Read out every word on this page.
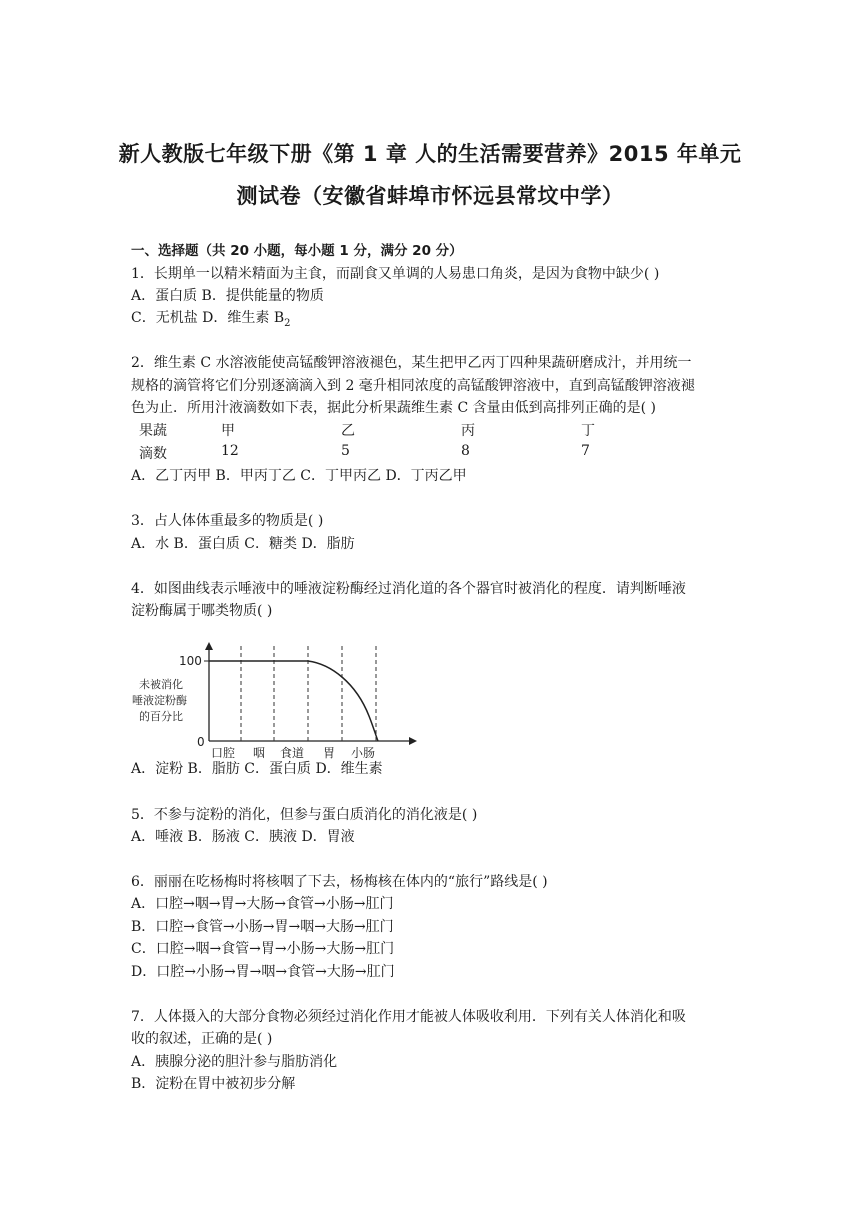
新人教版七年级下册《第 1 章 人的生活需要营养》2015 年单元
测试卷（安徽省蚌埠市怀远县常坟中学）
一、选择题（共 20 小题，每小题 1 分，满分 20 分）
1．长期单一以精米精面为主食，而副食又单调的人易患口角炎，是因为食物中缺少( )
A．蛋白质 B．提供能量的物质
C．无机盐 D．维生素 $B_2$
2．维生素 C 水溶液能使高锰酸钾溶液褪色，某生把甲乙丙丁四种果蔬研磨成汁，并用统一
规格的滴管将它们分别逐滴滴入到 2 毫升相同浓度的高锰酸钾溶液中，直到高锰酸钾溶液褪
色为止．所用汁液滴数如下表，据此分析果蔬维生素 C 含量由低到高排列正确的是( )
果蔬	甲	乙	丙	丁
滴数	12	5	8	7
A．乙丁丙甲 B．甲丙丁乙 C．丁甲丙乙 D．丁丙乙甲
3．占人体体重最多的物质是( )
A．水 B．蛋白质 C．糖类 D．脂肪
4．如图曲线表示唾液中的唾液淀粉酶经过消化道的各个器官时被消化的程度．请判断唾液
淀粉酶属于哪类物质( )
100
0
未被消化
唾液淀粉酶
的百分比
口腔 咽 食道 胃 小肠
A．淀粉 B．脂肪 C．蛋白质 D．维生素
5．不参与淀粉的消化，但参与蛋白质消化的消化液是( )
A．唾液 B．肠液 C．胰液 D．胃液
6．丽丽在吃杨梅时将核咽了下去，杨梅核在体内的“旅行”路线是( )
A．口腔→咽→胃→大肠→食管→小肠→肛门
B．口腔→食管→小肠→胃→咽→大肠→肛门
C．口腔→咽→食管→胃→小肠→大肠→肛门
D．口腔→小肠→胃→咽→食管→大肠→肛门
7．人体摄入的大部分食物必须经过消化作用才能被人体吸收利用．下列有关人体消化和吸
收的叙述，正确的是( )
A．胰腺分泌的胆汁参与脂肪消化
B．淀粉在胃中被初步分解
